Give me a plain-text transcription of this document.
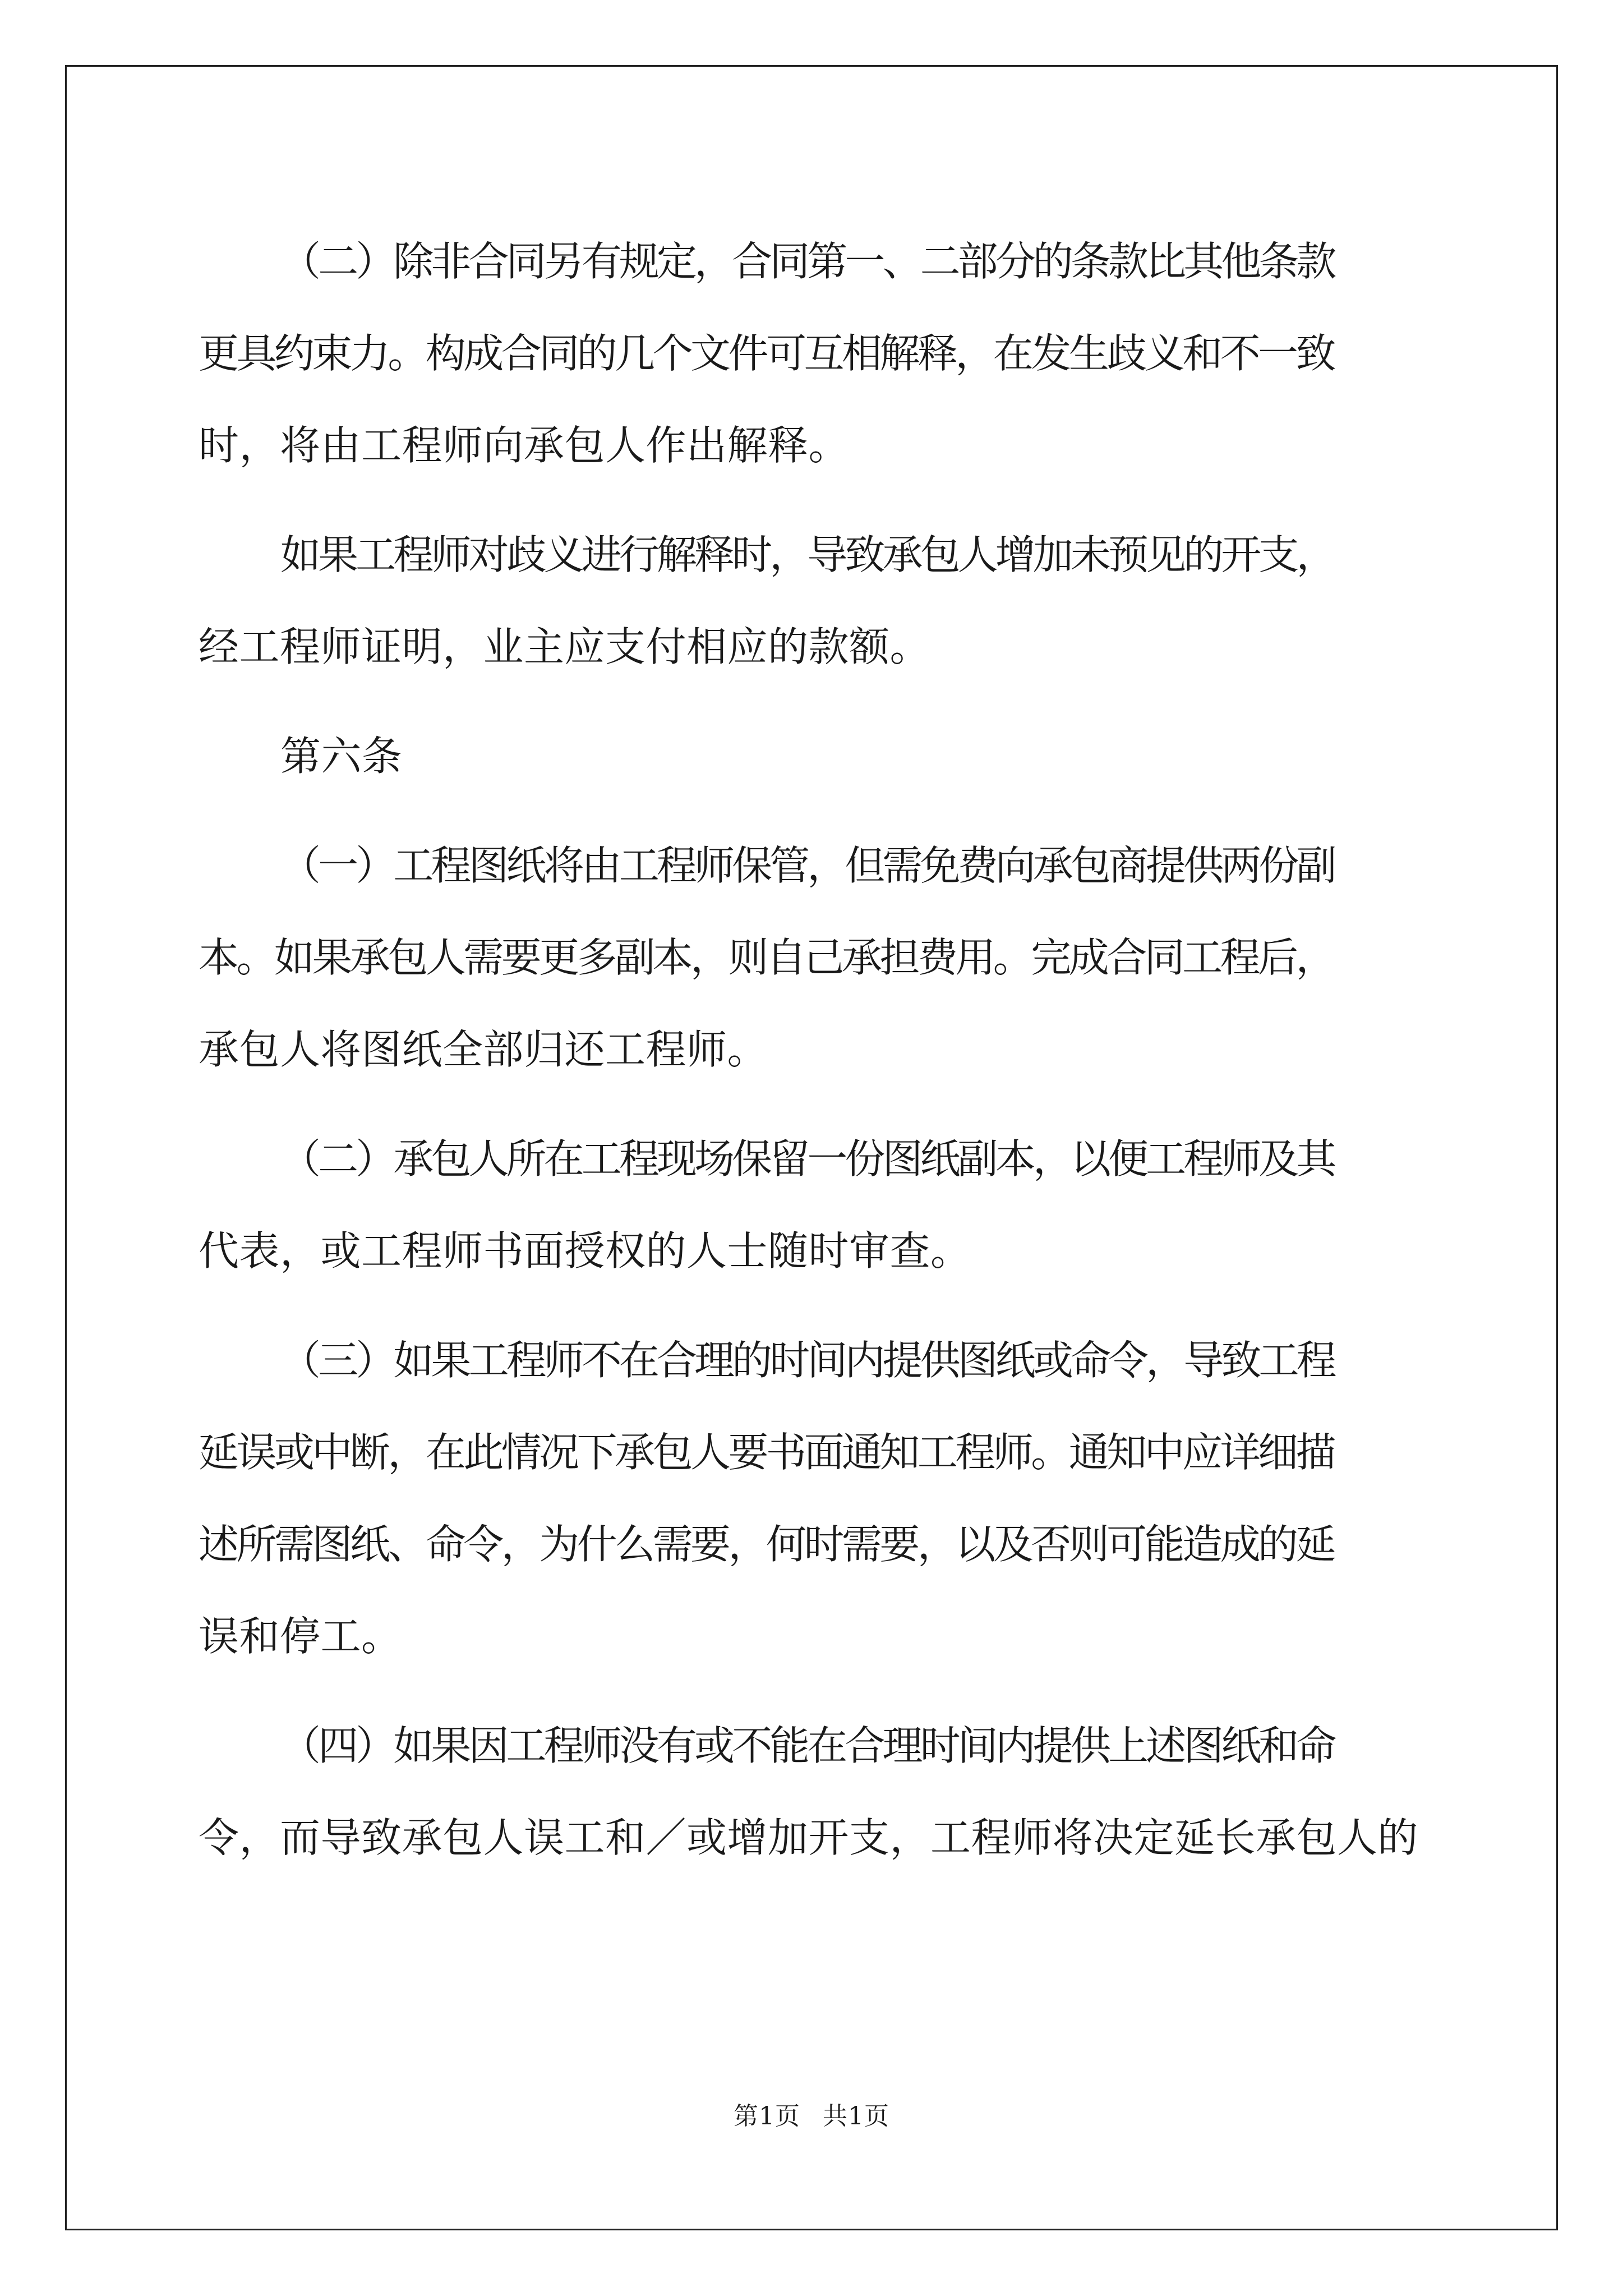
（二）除非合同另有规定，合同第一、二部分的条款比其他条款
更具约束力。构成合同的几个文件可互相解释，在发生歧义和不一致
时，将由工程师向承包人作出解释。
如果工程师对歧义进行解释时，导致承包人增加未预见的开支，
经工程师证明，业主应支付相应的款额。
第六条
（一）工程图纸将由工程师保管，但需免费向承包商提供两份副
本。如果承包人需要更多副本，则自己承担费用。完成合同工程后，
承包人将图纸全部归还工程师。
（二）承包人所在工程现场保留一份图纸副本，以便工程师及其
代表，或工程师书面授权的人士随时审查。
（三）如果工程师不在合理的时间内提供图纸或命令，导致工程
延误或中断，在此情况下承包人要书面通知工程师。通知中应详细描
述所需图纸、命令，为什么需要，何时需要，以及否则可能造成的延
误和停工。
（四）如果因工程师没有或不能在合理时间内提供上述图纸和命
令，而导致承包人误工和／或增加开支，工程师将决定延长承包人的
第1页 共1页
